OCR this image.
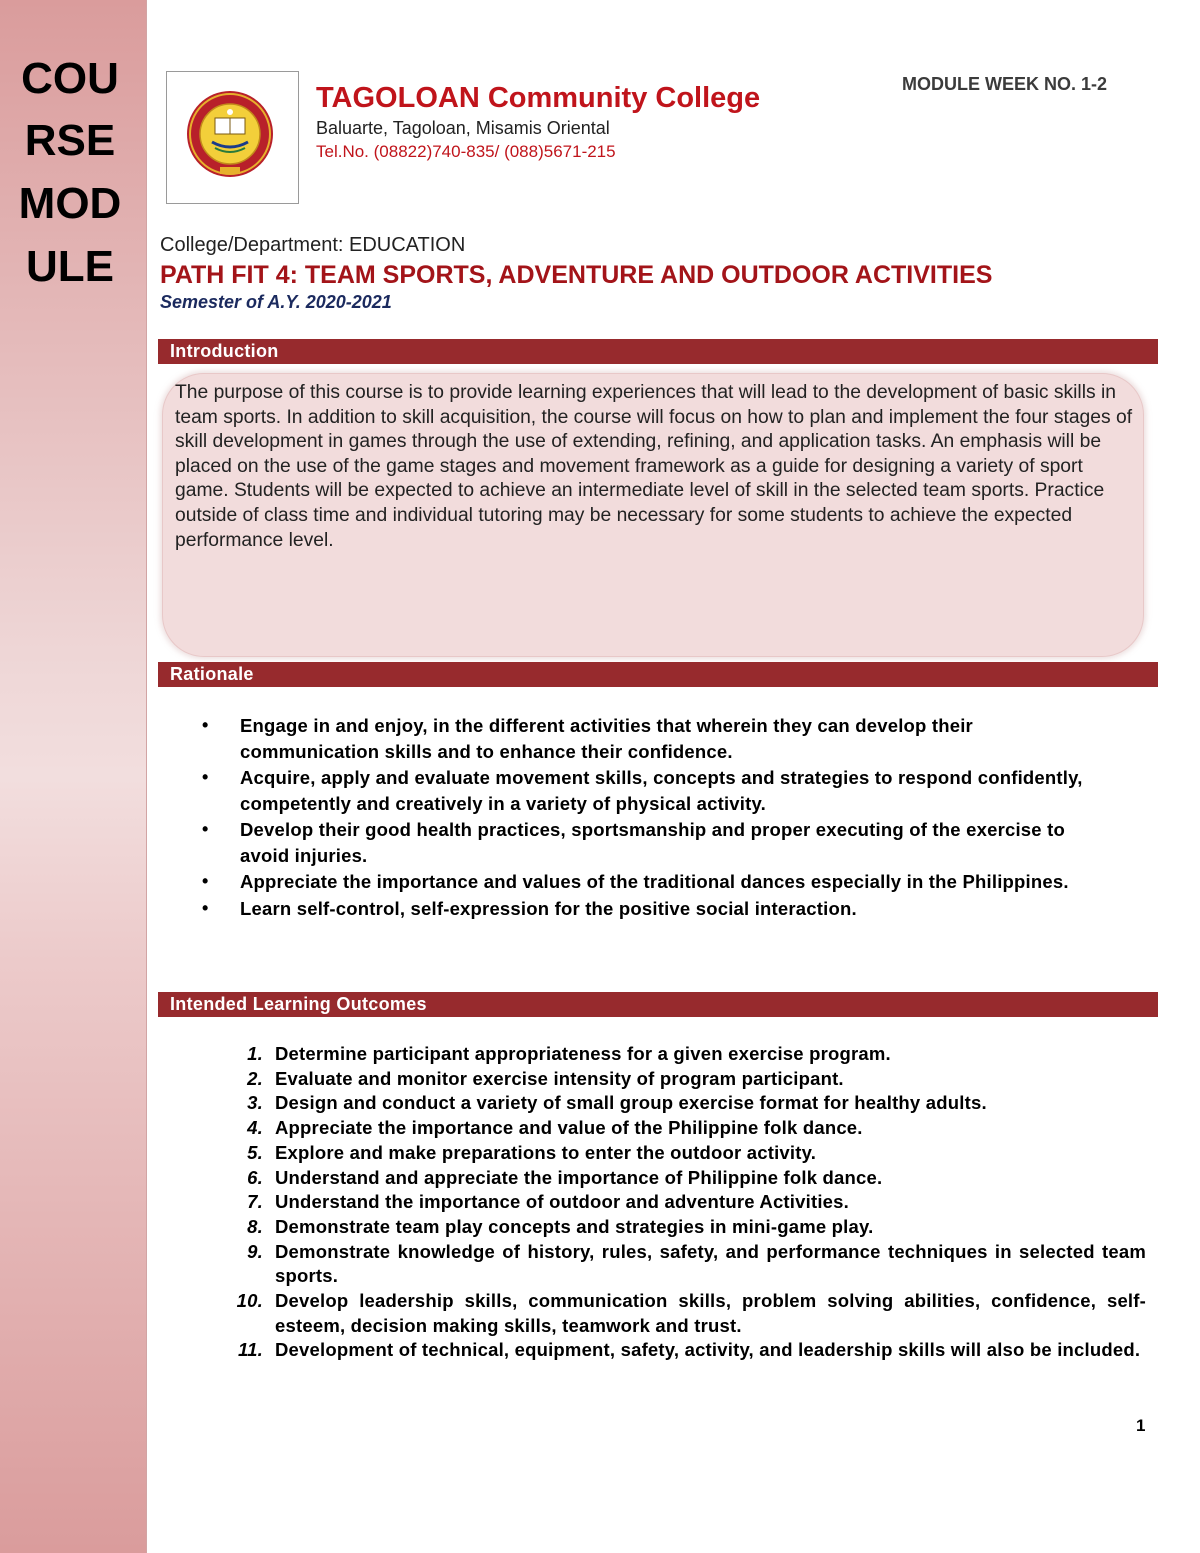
COU
RSE
MOD
ULE
TAGOLOAN Community College
Baluarte, Tagoloan, Misamis Oriental
Tel.No. (08822)740-835/ (088)5671-215
MODULE WEEK NO. 1-2
College/Department: EDUCATION
PATH FIT 4: TEAM SPORTS, ADVENTURE AND OUTDOOR ACTIVITIES
Semester of A.Y. 2020-2021
Introduction
The purpose of this course is to provide learning experiences that will lead to the development of basic skills in team sports. In addition to skill acquisition, the course will focus on how to plan and implement the four stages of skill development in games through the use of extending, refining, and application tasks. An emphasis will be placed on the use of the game stages and movement framework as a guide for designing a variety of sport game. Students will be expected to achieve an intermediate level of skill in the selected team sports. Practice outside of class time and individual tutoring may be necessary for some students to achieve the expected performance level.
Rationale
• Engage in and enjoy, in the different activities that wherein they can develop their communication skills and to enhance their confidence.
• Acquire, apply and evaluate movement skills, concepts and strategies to respond confidently, competently and creatively in a variety of physical activity.
• Develop their good health practices, sportsmanship and proper executing of the exercise to avoid injuries.
• Appreciate the importance and values of the traditional dances especially in the Philippines.
• Learn self-control, self-expression for the positive social interaction.
Intended Learning Outcomes
1. Determine participant appropriateness for a given exercise program.
2. Evaluate and monitor exercise intensity of program participant.
3. Design and conduct a variety of small group exercise format for healthy adults.
4. Appreciate the importance and value of the Philippine folk dance.
5. Explore and make preparations to enter the outdoor activity.
6. Understand and appreciate the importance of Philippine folk dance.
7. Understand the importance of outdoor and adventure Activities.
8. Demonstrate team play concepts and strategies in mini-game play.
9. Demonstrate knowledge of history, rules, safety, and performance techniques in selected team sports.
10. Develop leadership skills, communication skills, problem solving abilities, confidence, self-esteem, decision making skills, teamwork and trust.
11. Development of technical, equipment, safety, activity, and leadership skills will also be included.
1
